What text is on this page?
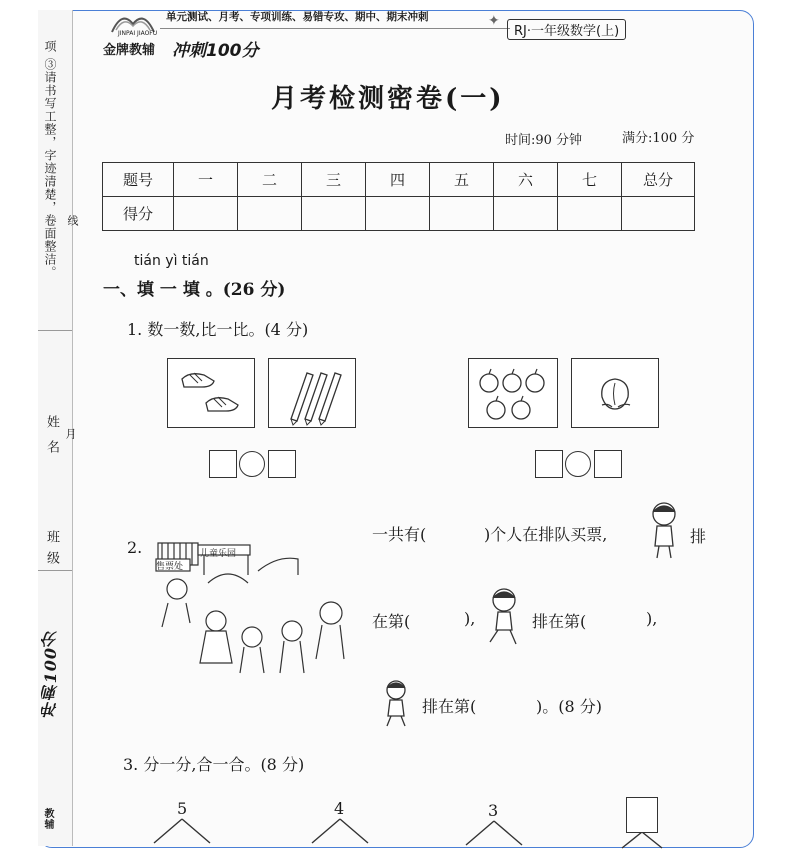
项 ③请书写工整，字迹清楚，卷面整洁。 线
姓名 月
班级
冲刺100分
教辅
JINPAI JIAOFU
金牌教辅 冲刺100分
单元测试、月考、专项训练、易错专攻、期中、期末冲刺	✦
RJ·一年级数学(上)
月考检测密卷(一)
时间:90 分钟	满分:100 分
题号	一	二	三	四	五	六	七	总分
得分								
tián yì tián
一、填 一 填 。(26 分)
1. 数一数,比一比。(4 分)
2.
售票处
儿童乐园
一共有(	)个人在排队买票,	排
在第(	),	排在第(	),
排在第(	)。(8 分)
3. 分一分,合一合。(8 分)
5	4	3
